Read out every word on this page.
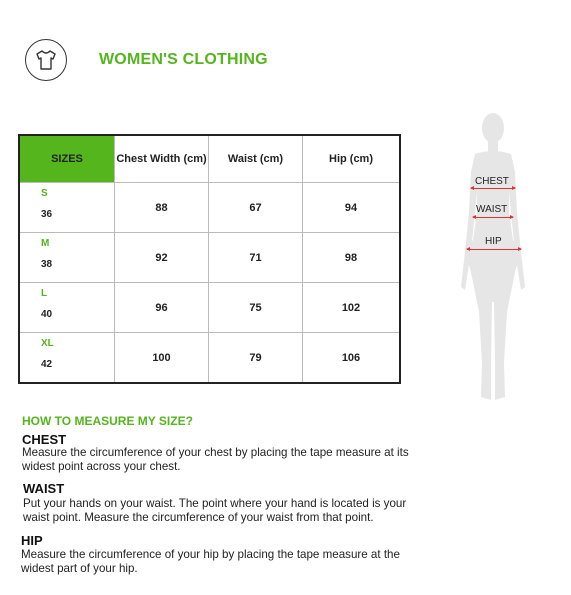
WOMEN'S CLOTHING
SIZES	Chest Width (cm)	Waist (cm)	Hip (cm)

S
36	88	67	94

M
38	92	71	98

L
40	96	75	102

XL
42	100	79	106
CHEST
WAIST
HIP
HOW TO MEASURE MY SIZE?
CHEST
Measure the circumference of your chest by placing the tape measure at its
widest point across your chest.
WAIST
Put your hands on your waist. The point where your hand is located is your
waist point. Measure the circumference of your waist from that point.
HIP
Measure the circumference of your hip by placing the tape measure at the
widest part of your hip.
